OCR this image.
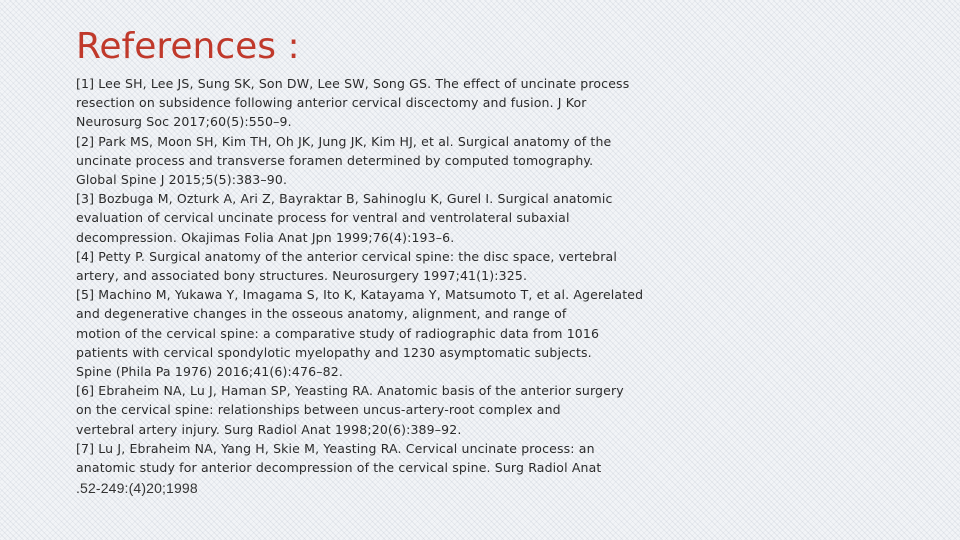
References :
[1] Lee SH, Lee JS, Sung SK, Son DW, Lee SW, Song GS. The effect of uncinate process
resection on subsidence following anterior cervical discectomy and fusion. J Kor
Neurosurg Soc 2017;60(5):550–9.
[2] Park MS, Moon SH, Kim TH, Oh JK, Jung JK, Kim HJ, et al. Surgical anatomy of the
uncinate process and transverse foramen determined by computed tomography.
Global Spine J 2015;5(5):383–90.
[3] Bozbuga M, Ozturk A, Ari Z, Bayraktar B, Sahinoglu K, Gurel I. Surgical anatomic
evaluation of cervical uncinate process for ventral and ventrolateral subaxial
decompression. Okajimas Folia Anat Jpn 1999;76(4):193–6.
[4] Petty P. Surgical anatomy of the anterior cervical spine: the disc space, vertebral
artery, and associated bony structures. Neurosurgery 1997;41(1):325.
[5] Machino M, Yukawa Y, Imagama S, Ito K, Katayama Y, Matsumoto T, et al. Agerelated
and degenerative changes in the osseous anatomy, alignment, and range of
motion of the cervical spine: a comparative study of radiographic data from 1016
patients with cervical spondylotic myelopathy and 1230 asymptomatic subjects.
Spine (Phila Pa 1976) 2016;41(6):476–82.
[6] Ebraheim NA, Lu J, Haman SP, Yeasting RA. Anatomic basis of the anterior surgery
on the cervical spine: relationships between uncus-artery-root complex and
vertebral artery injury. Surg Radiol Anat 1998;20(6):389–92.
[7] Lu J, Ebraheim NA, Yang H, Skie M, Yeasting RA. Cervical uncinate process: an
anatomic study for anterior decompression of the cervical spine. Surg Radiol Anat
.52-249:(4)20;1998
